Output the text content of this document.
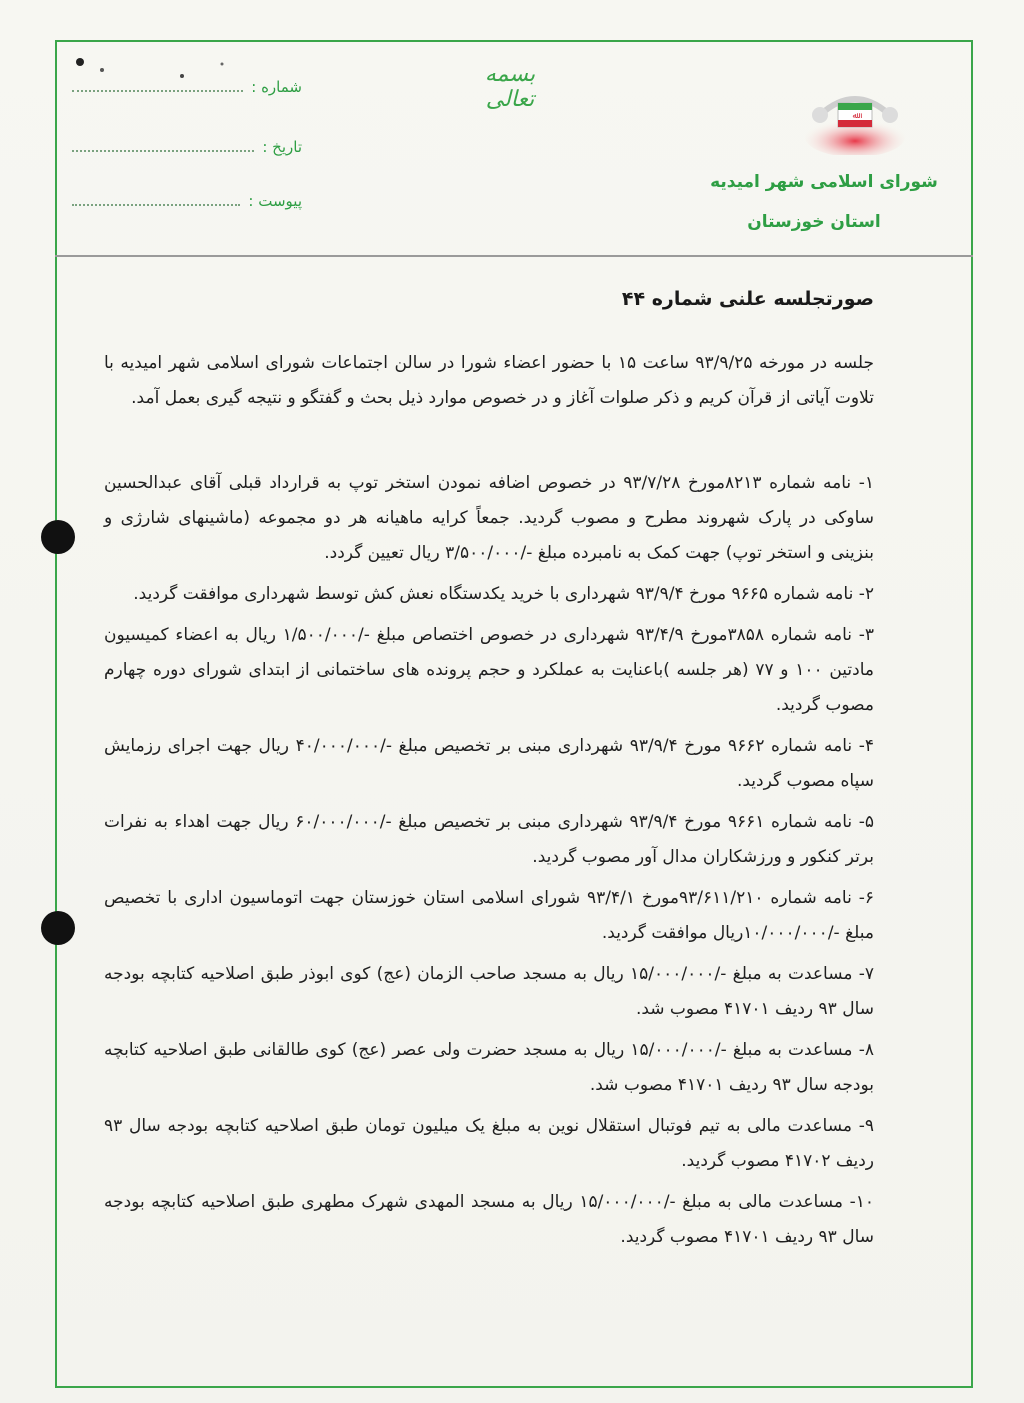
بسمه تعالی
ﷲ
شورای اسلامی شهر امیدیه
استان خوزستان
شماره :
تاریخ :
پیوست :
صورتجلسه علنی شماره ۴۴
جلسه در مورخه ۹۳/۹/۲۵ ساعت ۱۵ با حضور اعضاء شورا در سالن اجتماعات شورای اسلامی شهر امیدیه با تلاوت آیاتی از قرآن کریم و ذکر صلوات آغاز و در خصوص موارد ذیل بحث و گفتگو و نتیجه گیری بعمل آمد.
۱- نامه شماره ۸۲۱۳مورخ ۹۳/۷/۲۸ در خصوص اضافه نمودن استخر توپ به قرارداد قبلی آقای عبدالحسین ساوکی در پارک شهروند مطرح و مصوب گردید. جمعاً کرایه ماهیانه هر دو مجموعه (ماشینهای شارژی و بنزینی و استخر توپ) جهت کمک به نامبرده مبلغ -/۳/۵۰۰/۰۰۰ ریال تعیین گردد.
۲- نامه شماره ۹۶۶۵ مورخ ۹۳/۹/۴ شهرداری با خرید یکدستگاه نعش کش توسط شهرداری موافقت گردید.
۳- نامه شماره ۳۸۵۸مورخ ۹۳/۴/۹ شهرداری در خصوص اختصاص مبلغ -/۱/۵۰۰/۰۰۰ ریال به اعضاء کمیسیون مادتین ۱۰۰ و ۷۷ (هر جلسه )باعنایت به عملکرد و حجم پرونده های ساختمانی از ابتدای شورای دوره چهارم مصوب گردید.
۴- نامه شماره ۹۶۶۲ مورخ ۹۳/۹/۴ شهرداری مبنی بر تخصیص مبلغ -/۴۰/۰۰۰/۰۰۰ ریال جهت اجرای رزمایش سپاه مصوب گردید.
۵- نامه شماره ۹۶۶۱ مورخ ۹۳/۹/۴ شهرداری مبنی بر تخصیص مبلغ -/۶۰/۰۰۰/۰۰۰ ریال جهت اهداء به نفرات برتر کنکور و ورزشکاران مدال آور مصوب گردید.
۶- نامه شماره ۹۳/۶۱۱/۲۱۰مورخ ۹۳/۴/۱ شورای اسلامی استان خوزستان جهت اتوماسیون اداری با تخصیص مبلغ -/۱۰/۰۰۰/۰۰۰ریال موافقت گردید.
۷- مساعدت به مبلغ -/۱۵/۰۰۰/۰۰۰ ریال به مسجد صاحب الزمان (عج) کوی ابوذر طبق اصلاحیه کتابچه بودجه سال ۹۳ ردیف ۴۱۷۰۱ مصوب شد.
۸- مساعدت به مبلغ -/۱۵/۰۰۰/۰۰۰ ریال به مسجد حضرت ولی عصر (عج) کوی طالقانی طبق اصلاحیه کتابچه بودجه سال ۹۳ ردیف ۴۱۷۰۱ مصوب شد.
۹- مساعدت مالی به تیم فوتبال استقلال نوین به مبلغ یک میلیون تومان طبق اصلاحیه کتابچه بودجه سال ۹۳ ردیف ۴۱۷۰۲ مصوب گردید.
۱۰- مساعدت مالی به مبلغ -/۱۵/۰۰۰/۰۰۰ ریال به مسجد المهدی شهرک مطهری طبق اصلاحیه کتابچه بودجه سال ۹۳ ردیف ۴۱۷۰۱ مصوب گردید.
